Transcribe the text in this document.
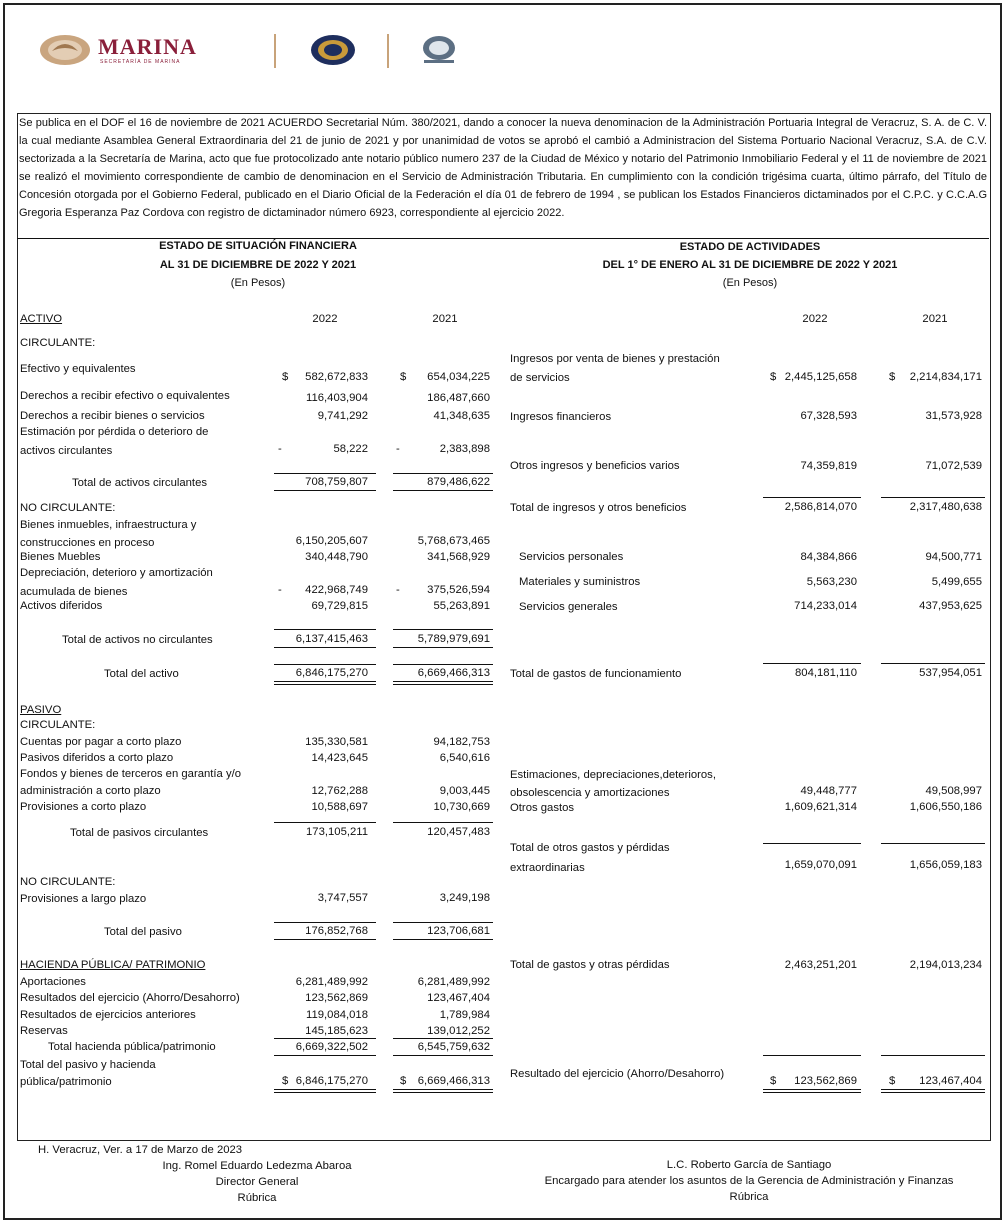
MARINA
SECRETARÍA DE MARINA
Se publica en el DOF el 16 de noviembre de 2021 ACUERDO Secretarial Núm. 380/2021, dando a conocer la nueva denominacion de la Administración Portuaria Integral de Veracruz, S. A. de C. V. la cual mediante Asamblea General Extraordinaria del 21 de junio de 2021 y por unanimidad de votos se aprobó el cambió a Administracion del Sistema Portuario Nacional Veracruz, S.A. de C.V. sectorizada a la Secretaría de Marina, acto que fue protocolizado ante notario público numero 237 de la Ciudad de México y notario del Patrimonio Inmobiliario Federal y el 11 de noviembre de 2021 se realizó el movimiento correspondiente de cambio de denominacion en el Servicio de Administración Tributaria. En cumplimiento con la condición trigésima cuarta, último párrafo, del Título de Concesión otorgada por el Gobierno Federal, publicado en el Diario Oficial de la Federación el día 01 de febrero de 1994 , se publican los Estados Financieros dictaminados por el C.P.C. y C.C.A.G Gregoria Esperanza Paz Cordova con registro de dictaminador número 6923, correspondiente al ejercicio 2022.
ESTADO DE SITUACIÓN FINANCIERA
AL 31 DE DICIEMBRE DE 2022 Y 2021
(En Pesos)
ACTIVO	2022	2021
CIRCULANTE:
Efectivo y equivalentes
$	582,672,833	$	654,034,225
Derechos a recibir efectivo o equivalentes	116,403,904	186,487,660
Derechos a recibir bienes o servicios	9,741,292	41,348,635
Estimación por pérdida o deterioro de
activos circulantes	-	58,222 -	2,383,898
Total de activos circulantes	708,759,807	879,486,622
NO CIRCULANTE:
Bienes inmuebles, infraestructura y
construcciones en proceso	6,150,205,607	5,768,673,465
Bienes Muebles	340,448,790	341,568,929
Depreciación, deterioro y amortización
acumulada de bienes	-	422,968,749 -	375,526,594
Activos diferidos	69,729,815	55,263,891
Total de activos no circulantes	6,137,415,463	5,789,979,691
Total del activo	6,846,175,270	6,669,466,313
PASIVO
CIRCULANTE:
Cuentas por pagar a corto plazo	135,330,581	94,182,753
Pasivos diferidos a corto plazo	14,423,645	6,540,616
Fondos y bienes de terceros en garantía y/o
administración a corto plazo	12,762,288	9,003,445
Provisiones a corto plazo	10,588,697	10,730,669
Total de pasivos circulantes	173,105,211	120,457,483
NO CIRCULANTE:
Provisiones a largo plazo	3,747,557	3,249,198
Total del pasivo	176,852,768	123,706,681
HACIENDA PÚBLICA/ PATRIMONIO
Aportaciones	6,281,489,992	6,281,489,992
Resultados del ejercicio (Ahorro/Desahorro)	123,562,869	123,467,404
Resultados de ejercicios anteriores	119,084,018	1,789,984
Reservas	145,185,623	139,012,252
Total hacienda pública/patrimonio	6,669,322,502	6,545,759,632
Total del pasivo y hacienda
pública/patrimonio	$ 6,846,175,270	$	6,669,466,313
ESTADO DE ACTIVIDADES
DEL 1° DE ENERO AL 31 DE DICIEMBRE DE 2022 Y 2021
(En Pesos)
2022	2021
Ingresos por venta de bienes y prestación
de servicios	$ 2,445,125,658	$	2,214,834,171
Ingresos financieros	67,328,593	31,573,928
Otros ingresos y beneficios varios	74,359,819	71,072,539
Total de ingresos y otros beneficios	2,586,814,070	2,317,480,638
Servicios personales	84,384,866	94,500,771
Materiales y suministros	5,563,230	5,499,655
Servicios generales	714,233,014	437,953,625
Total de gastos de funcionamiento	804,181,110	537,954,051
Estimaciones, depreciaciones,deterioros,
obsolescencia y amortizaciones	49,448,777	49,508,997
Otros gastos	1,609,621,314	1,606,550,186
Total de otros gastos y pérdidas
extraordinarias	1,659,070,091	1,656,059,183
Total de gastos y otras pérdidas	2,463,251,201	2,194,013,234
Resultado del ejercicio (Ahorro/Desahorro)
$	123,562,869	$	123,467,404
H. Veracruz, Ver. a 17 de Marzo de 2023
Ing. Romel Eduardo Ledezma Abaroa
Director General
Rúbrica
L.C. Roberto García de Santiago
Encargado para atender los asuntos de la Gerencia de Administración y Finanzas
Rúbrica
